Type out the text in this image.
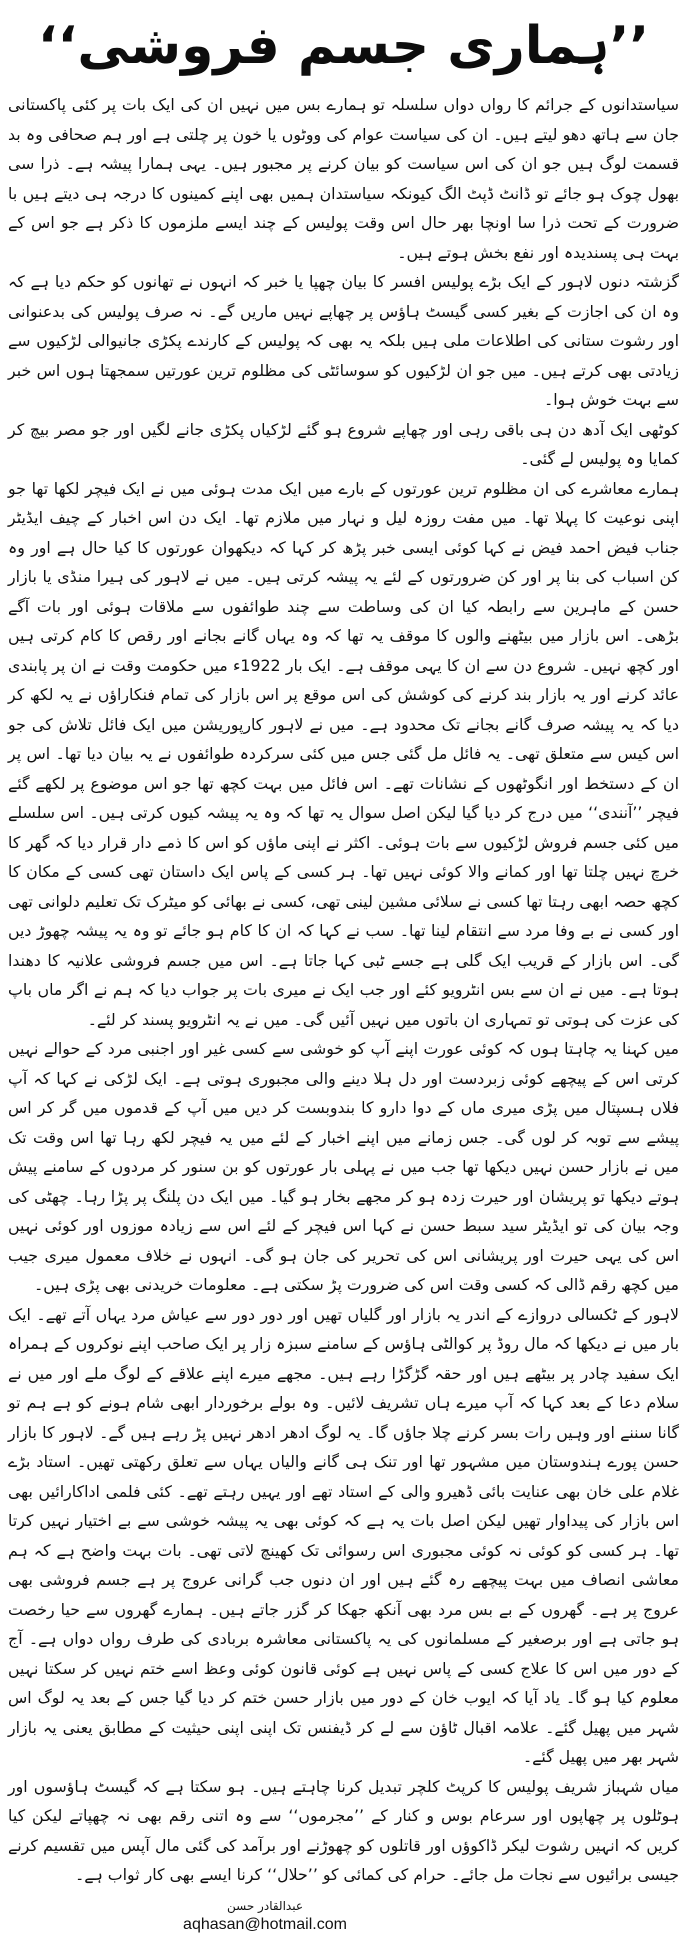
’’ہماری جسم فروشی‘‘

سیاستدانوں کے جرائم کا رواں دواں سلسلہ تو ہمارے بس میں نہیں ان کی ایک بات پر کئی پاکستانی جان سے ہاتھ دھو لیتے ہیں۔ ان کی سیاست عوام کی ووٹوں یا خون پر چلتی ہے اور ہم صحافی وہ بد قسمت لوگ ہیں جو ان کی اس سیاست کو بیان کرنے پر مجبور ہیں۔ یہی ہمارا پیشہ ہے۔ ذرا سی بھول چوک ہو جائے تو ڈانٹ ڈپٹ الگ کیونکہ سیاستدان ہمیں بھی اپنے کمینوں کا درجہ ہی دیتے ہیں با ضرورت کے تحت ذرا سا اونچا بھر حال اس وقت پولیس کے چند ایسے ملزموں کا ذکر ہے جو اس کے بہت ہی پسندیدہ اور نفع بخش ہوتے ہیں۔

گزشتہ دنوں لاہور کے ایک بڑے پولیس افسر کا بیان چھپا یا خبر کہ انہوں نے تھانوں کو حکم دیا ہے کہ وہ ان کی اجازت کے بغیر کسی گیسٹ ہاؤس پر چھاپے نہیں ماریں گے۔ نہ صرف پولیس کی بدعنوانی اور رشوت ستانی کی اطلاعات ملی ہیں بلکہ یہ بھی کہ پولیس کے کارندے پکڑی جانیوالی لڑکیوں سے زیادتی بھی کرتے ہیں۔ میں جو ان لڑکیوں کو سوسائٹی کی مظلوم ترین عورتیں سمجھتا ہوں اس خبر سے بہت خوش ہوا۔

کوٹھی ایک آدھ دن ہی باقی رہی اور چھاپے شروع ہو گئے لڑکیاں پکڑی جانے لگیں اور جو مصر بیچ کر کمایا وہ پولیس لے گئی۔

ہمارے معاشرے کی ان مظلوم ترین عورتوں کے بارے میں ایک مدت ہوئی میں نے ایک فیچر لکھا تھا جو اپنی نوعیت کا پہلا تھا۔ میں مفت روزہ لیل و نہار میں ملازم تھا۔ ایک دن اس اخبار کے چیف ایڈیٹر جناب فیض احمد فیض نے کہا کوئی ایسی خبر پڑھ کر کہا کہ دیکھوان عورتوں کا کیا حال ہے اور وہ کن اسباب کی بنا پر اور کن ضرورتوں کے لئے یہ پیشہ کرتی ہیں۔ میں نے لاہور کی ہیرا منڈی یا بازار حسن کے ماہرین سے رابطہ کیا ان کی وساطت سے چند طوائفوں سے ملاقات ہوئی اور بات آگے بڑھی۔ اس بازار میں بیٹھنے والوں کا موقف یہ تھا کہ وہ یہاں گانے بجانے اور رقص کا کام کرتی ہیں اور کچھ نہیں۔ شروع دن سے ان کا یہی موقف ہے۔ ایک بار 1922ء میں حکومت وقت نے ان پر پابندی عائد کرنے اور یہ بازار بند کرنے کی کوشش کی اس موقع پر اس بازار کی تمام فنکاراؤں نے یہ لکھ کر دیا کہ یہ پیشہ صرف گانے بجانے تک محدود ہے۔ میں نے لاہور کارپوریشن میں ایک فائل تلاش کی جو اس کیس سے متعلق تھی۔ یہ فائل مل گئی جس میں کئی سرکردہ طوائفوں نے یہ بیان دیا تھا۔ اس پر ان کے دستخط اور انگوٹھوں کے نشانات تھے۔ اس فائل میں بہت کچھ تھا جو اس موضوع پر لکھے گئے فیچر ’’آنندی‘‘ میں درج کر دیا گیا لیکن اصل سوال یہ تھا کہ وہ یہ پیشہ کیوں کرتی ہیں۔ اس سلسلے میں کئی جسم فروش لڑکیوں سے بات ہوئی۔ اکثر نے اپنی ماؤں کو اس کا ذمے دار قرار دیا کہ گھر کا خرچ نہیں چلتا تھا اور کمانے والا کوئی نہیں تھا۔ ہر کسی کے پاس ایک داستان تھی کسی کے مکان کا کچھ حصہ ابھی رہتا تھا کسی نے سلائی مشین لینی تھی، کسی نے بھائی کو میٹرک تک تعلیم دلوانی تھی اور کسی نے بے وفا مرد سے انتقام لینا تھا۔ سب نے کہا کہ ان کا کام ہو جائے تو وہ یہ پیشہ چھوڑ دیں گی۔ اس بازار کے قریب ایک گلی ہے جسے ٹبی کہا جاتا ہے۔ اس میں جسم فروشی علانیہ کا دھندا ہوتا ہے۔ میں نے ان سے بس انٹرویو کئے اور جب ایک نے میری بات پر جواب دیا کہ ہم نے اگر ماں باپ کی عزت کی ہوتی تو تمہاری ان باتوں میں نہیں آئیں گی۔ میں نے یہ انٹرویو پسند کر لئے۔

میں کہنا یہ چاہتا ہوں کہ کوئی عورت اپنے آپ کو خوشی سے کسی غیر اور اجنبی مرد کے حوالے نہیں کرتی اس کے پیچھے کوئی زبردست اور دل ہلا دینے والی مجبوری ہوتی ہے۔ ایک لڑکی نے کہا کہ آپ فلاں ہسپتال میں پڑی میری ماں کے دوا دارو کا بندوبست کر دیں میں آپ کے قدموں میں گر کر اس پیشے سے توبہ کر لوں گی۔ جس زمانے میں اپنے اخبار کے لئے میں یہ فیچر لکھ رہا تھا اس وقت تک میں نے بازار حسن نہیں دیکھا تھا جب میں نے پہلی بار عورتوں کو بن سنور کر مردوں کے سامنے پیش ہوتے دیکھا تو پریشان اور حیرت زدہ ہو کر مجھے بخار ہو گیا۔ میں ایک دن پلنگ پر پڑا رہا۔ چھٹی کی وجہ بیان کی تو ایڈیٹر سید سبط حسن نے کہا اس فیچر کے لئے اس سے زیادہ موزوں اور کوئی نہیں اس کی یہی حیرت اور پریشانی اس کی تحریر کی جان ہو گی۔ انہوں نے خلاف معمول میری جیب میں کچھ رقم ڈالی کہ کسی وقت اس کی ضرورت پڑ سکتی ہے۔ معلومات خریدنی بھی پڑی ہیں۔

لاہور کے ٹکسالی دروازے کے اندر یہ بازار اور گلیاں تھیں اور دور دور سے عیاش مرد یہاں آتے تھے۔ ایک بار میں نے دیکھا کہ مال روڈ پر کوالٹی ہاؤس کے سامنے سبزہ زار پر ایک صاحب اپنے نوکروں کے ہمراہ ایک سفید چادر پر بیٹھے ہیں اور حقہ گڑگڑا رہے ہیں۔ مجھے میرے اپنے علاقے کے لوگ ملے اور میں نے سلام دعا کے بعد کہا کہ آپ میرے ہاں تشریف لائیں۔ وہ بولے برخوردار ابھی شام ہونے کو ہے ہم تو گانا سننے اور وہیں رات بسر کرنے چلا جاؤں گا۔ یہ لوگ ادھر ادھر نہیں پڑ رہے ہیں گے۔ لاہور کا بازار حسن پورے ہندوستان میں مشہور تھا اور تنک ہی گانے والیاں یہاں سے تعلق رکھتی تھیں۔ استاد بڑے غلام علی خان بھی عنایت بائی ڈھیرو والی کے استاد تھے اور یہیں رہتے تھے۔ کئی فلمی اداکارائیں بھی اس بازار کی پیداوار تھیں لیکن اصل بات یہ ہے کہ کوئی بھی یہ پیشہ خوشی سے بے اختیار نہیں کرتا تھا۔ ہر کسی کو کوئی نہ کوئی مجبوری اس رسوائی تک کھینچ لاتی تھی۔ بات بہت واضح ہے کہ ہم معاشی انصاف میں بہت پیچھے رہ گئے ہیں اور ان دنوں جب گرانی عروج پر ہے جسم فروشی بھی عروج پر ہے۔ گھروں کے بے بس مرد بھی آنکھ جھکا کر گزر جاتے ہیں۔ ہمارے گھروں سے حیا رخصت ہو جاتی ہے اور برصغیر کے مسلمانوں کی یہ پاکستانی معاشرہ بربادی کی طرف رواں دواں ہے۔ آج کے دور میں اس کا علاج کسی کے پاس نہیں ہے کوئی قانون کوئی وعظ اسے ختم نہیں کر سکتا نہیں معلوم کیا ہو گا۔ یاد آیا کہ ایوب خان کے دور میں بازار حسن ختم کر دیا گیا جس کے بعد یہ لوگ اس شہر میں پھیل گئے۔ علامہ اقبال ٹاؤن سے لے کر ڈیفنس تک اپنی اپنی حیثیت کے مطابق یعنی یہ بازار شہر بھر میں پھیل گئے۔

میاں شہباز شریف پولیس کا کرپٹ کلچر تبدیل کرنا چاہتے ہیں۔ ہو سکتا ہے کہ گیسٹ ہاؤسوں اور ہوٹلوں پر چھاپوں اور سرعام بوس و کنار کے ’’مجرموں‘‘ سے وہ اتنی رقم بھی نہ چھپاتے لیکن کیا کریں کہ انہیں رشوت لیکر ڈاکوؤں اور قاتلوں کو چھوڑنے اور برآمد کی گئی مال آپس میں تقسیم کرنے جیسی برائیوں سے نجات مل جائے۔ حرام کی کمائی کو ’’حلال‘‘ کرنا ایسے بھی کار ثواب ہے۔

عبدالقادر حسن
aqhasan@hotmail.com
